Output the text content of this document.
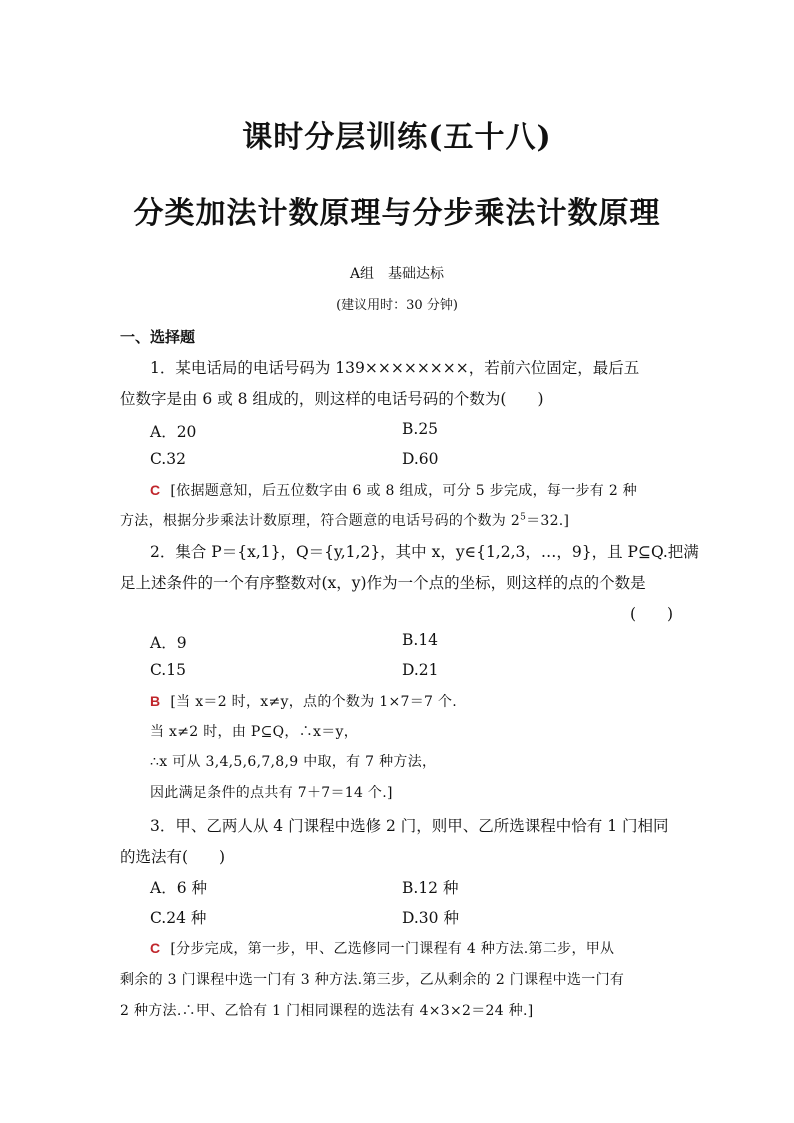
课时分层训练(五十八)
分类加法计数原理与分步乘法计数原理
A组　基础达标
(建议用时：30 分钟)
一、选择题
1．某电话局的电话号码为 139××××××××，若前六位固定，最后五
位数字是由 6 或 8 组成的，则这样的电话号码的个数为(　　)
A．20	B.25
C.32	D.60
C [依据题意知，后五位数字由 6 或 8 组成，可分 5 步完成，每一步有 2 种
方法，根据分步乘法计数原理，符合题意的电话号码的个数为 $2^5=32$.]
2．集合 P＝{x,1}，Q＝{y,1,2}，其中 x，y∈{1,2,3，…，9}，且 P⊆Q.把满
足上述条件的一个有序整数对(x，y)作为一个点的坐标，则这样的点的个数是
(　　)
A．9	B.14
C.15	D.21
B [当 x＝2 时，x≠y，点的个数为 1×7＝7 个.
当 x≠2 时，由 P⊆Q，∴x＝y，
∴x 可从 3,4,5,6,7,8,9 中取，有 7 种方法，
因此满足条件的点共有 7＋7＝14 个.]
3．甲、乙两人从 4 门课程中选修 2 门，则甲、乙所选课程中恰有 1 门相同
的选法有(　　)
A．6 种	B.12 种
C.24 种	D.30 种
C [分步完成，第一步，甲、乙选修同一门课程有 4 种方法.第二步，甲从
剩余的 3 门课程中选一门有 3 种方法.第三步，乙从剩余的 2 门课程中选一门有
2 种方法.∴甲、乙恰有 1 门相同课程的选法有 4×3×2＝24 种.]
